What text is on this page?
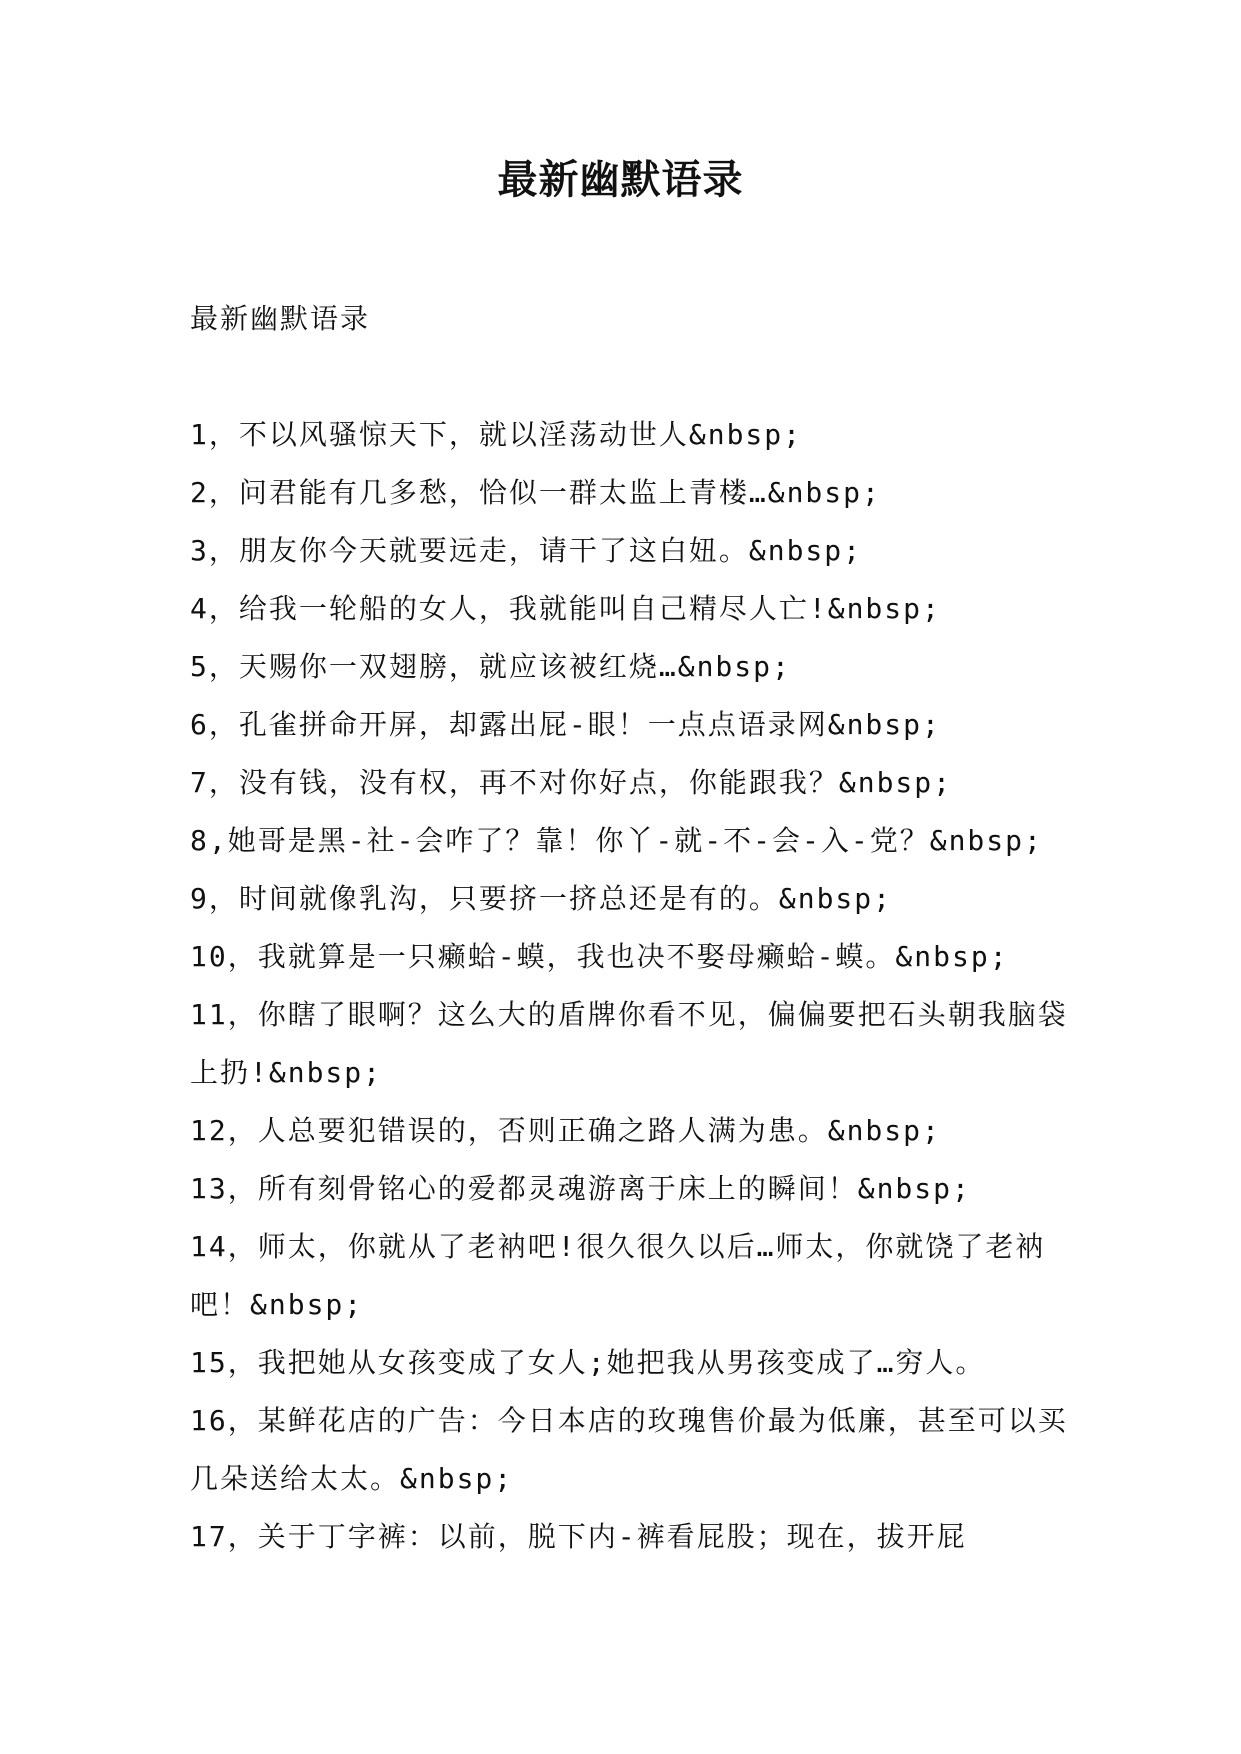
最新幽默语录

最新幽默语录

1，不以风骚惊天下，就以淫荡动世人&nbsp;
2，问君能有几多愁，恰似一群太监上青楼…&nbsp;
3，朋友你今天就要远走，请干了这白妞。&nbsp;
4，给我一轮船的女人，我就能叫自己精尽人亡!&nbsp;
5，天赐你一双翅膀，就应该被红烧…&nbsp;
6，孔雀拼命开屏，却露出屁-眼！一点点语录网&nbsp;
7，没有钱，没有权，再不对你好点，你能跟我？&nbsp;
8,她哥是黑-社-会咋了？靠！你丫-就-不-会-入-党？&nbsp;
9，时间就像乳沟，只要挤一挤总还是有的。&nbsp;
10，我就算是一只癞蛤-蟆，我也决不娶母癞蛤-蟆。&nbsp;
11，你瞎了眼啊？这么大的盾牌你看不见，偏偏要把石头朝我脑袋上扔!&nbsp;
12，人总要犯错误的，否则正确之路人满为患。&nbsp;
13，所有刻骨铭心的爱都灵魂游离于床上的瞬间！&nbsp;
14，师太，你就从了老衲吧!很久很久以后…师太，你就饶了老衲吧！&nbsp;
15，我把她从女孩变成了女人;她把我从男孩变成了…穷人。
16，某鲜花店的广告：今日本店的玫瑰售价最为低廉，甚至可以买几朵送给太太。&nbsp;
17，关于丁字裤：以前，脱下内-裤看屁股；现在，拔开屁
